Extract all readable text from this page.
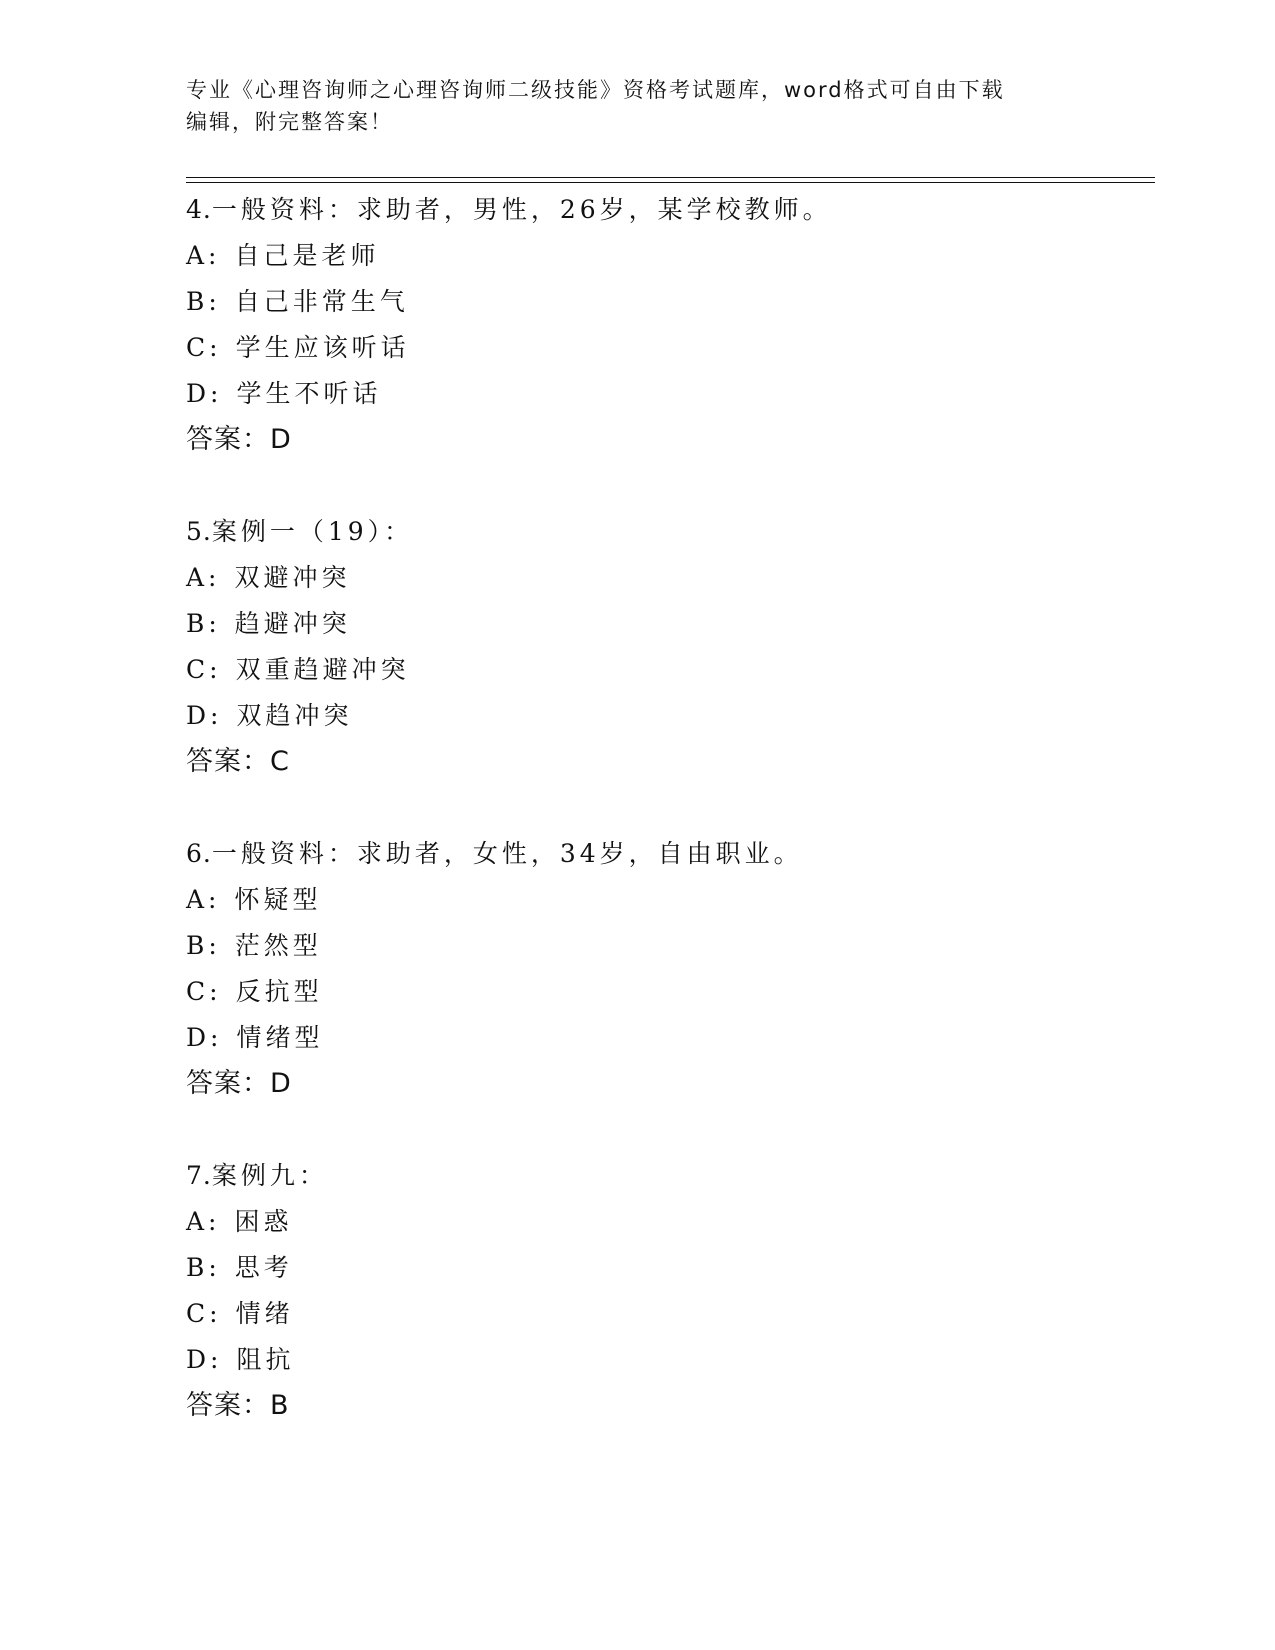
专业《心理咨询师之心理咨询师二级技能》资格考试题库，word格式可自由下载
编辑，附完整答案！
4.一般资料：求助者，男性，26岁，某学校教师。
A: 自己是老师
B: 自己非常生气
C: 学生应该听话
D: 学生不听话
答案：D
5.案例一（19）：
A: 双避冲突
B: 趋避冲突
C: 双重趋避冲突
D: 双趋冲突
答案：C
6.一般资料：求助者，女性，34岁，自由职业。
A: 怀疑型
B: 茫然型
C: 反抗型
D: 情绪型
答案：D
7.案例九：
A: 困惑
B: 思考
C: 情绪
D: 阻抗
答案：B
